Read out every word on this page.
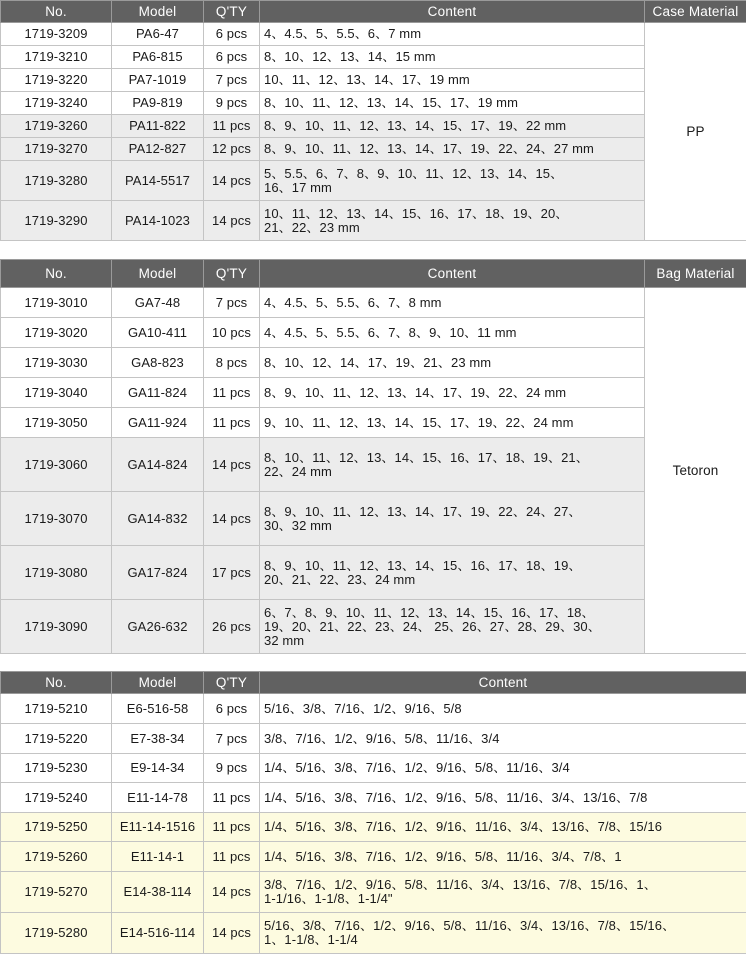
No.	Model	Q'TY	Content	Case Material
1719-3209	PA6-47	6 pcs	4、4.5、5、5.5、6、7 mm	PP
1719-3210	PA6-815	6 pcs	8、10、12、13、14、15 mm	

1719-3220	PA7-1019	7 pcs	10、11、12、13、14、17、19 mm	

1719-3240	PA9-819	9 pcs	8、10、11、12、13、14、15、17、19 mm	

1719-3260	PA11-822	11 pcs	8、9、10、11、12、13、14、15、17、19、22 mm	

1719-3270	PA12-827	12 pcs	8、9、10、11、12、13、14、17、19、22、24、27 mm	

1719-3280	PA14-5517	14 pcs	5、5.5、6、7、8、9、10、11、12、13、14、15、
16、17 mm	

1719-3290	PA14-1023	14 pcs	10、11、12、13、14、15、16、17、18、19、20、
21、22、23 mm	
No.	Model	Q'TY	Content	Bag Material
1719-3010	GA7-48	7 pcs	4、4.5、5、5.5、6、7、8 mm	Tetoron
1719-3020	GA10-411	10 pcs	4、4.5、5、5.5、6、7、8、9、10、11 mm	

1719-3030	GA8-823	8 pcs	8、10、12、14、17、19、21、23 mm	

1719-3040	GA11-824	11 pcs	8、9、10、11、12、13、14、17、19、22、24 mm	

1719-3050	GA11-924	11 pcs	9、10、11、12、13、14、15、17、19、22、24 mm	

1719-3060	GA14-824	14 pcs	8、10、11、12、13、14、15、16、17、18、19、21、
22、24 mm	

1719-3070	GA14-832	14 pcs	8、9、10、11、12、13、14、17、19、22、24、27、
30、32 mm	

1719-3080	GA17-824	17 pcs	8、9、10、11、12、13、14、15、16、17、18、19、
20、21、22、23、24 mm	

1719-3090	GA26-632	26 pcs	6、7、8、9、10、11、12、13、14、15、16、17、18、
19、20、21、22、23、24、 25、26、27、28、29、30、
32 mm	
No.	Model	Q'TY	Content
1719-5210	E6-516-58	6 pcs	5/16、3/8、7/16、1/2、9/16、5/8

1719-5220	E7-38-34	7 pcs	3/8、7/16、1/2、9/16、5/8、11/16、3/4

1719-5230	E9-14-34	9 pcs	1/4、5/16、3/8、7/16、1/2、9/16、5/8、11/16、3/4

1719-5240	E11-14-78	11 pcs	1/4、5/16、3/8、7/16、1/2、9/16、5/8、11/16、3/4、13/16、7/8

1719-5250	E11-14-1516	11 pcs	1/4、5/16、3/8、7/16、1/2、9/16、11/16、3/4、13/16、7/8、15/16

1719-5260	E11-14-1	11 pcs	1/4、5/16、3/8、7/16、1/2、9/16、5/8、11/16、3/4、7/8、1

1719-5270	E14-38-114	14 pcs	3/8、7/16、1/2、9/16、5/8、11/16、3/4、13/16、7/8、15/16、1、
1-1/16、1-1/8、1-1/4"

1719-5280	E14-516-114	14 pcs	5/16、3/8、7/16、1/2、9/16、5/8、11/16、3/4、13/16、7/8、15/16、
1、1-1/8、1-1/4
